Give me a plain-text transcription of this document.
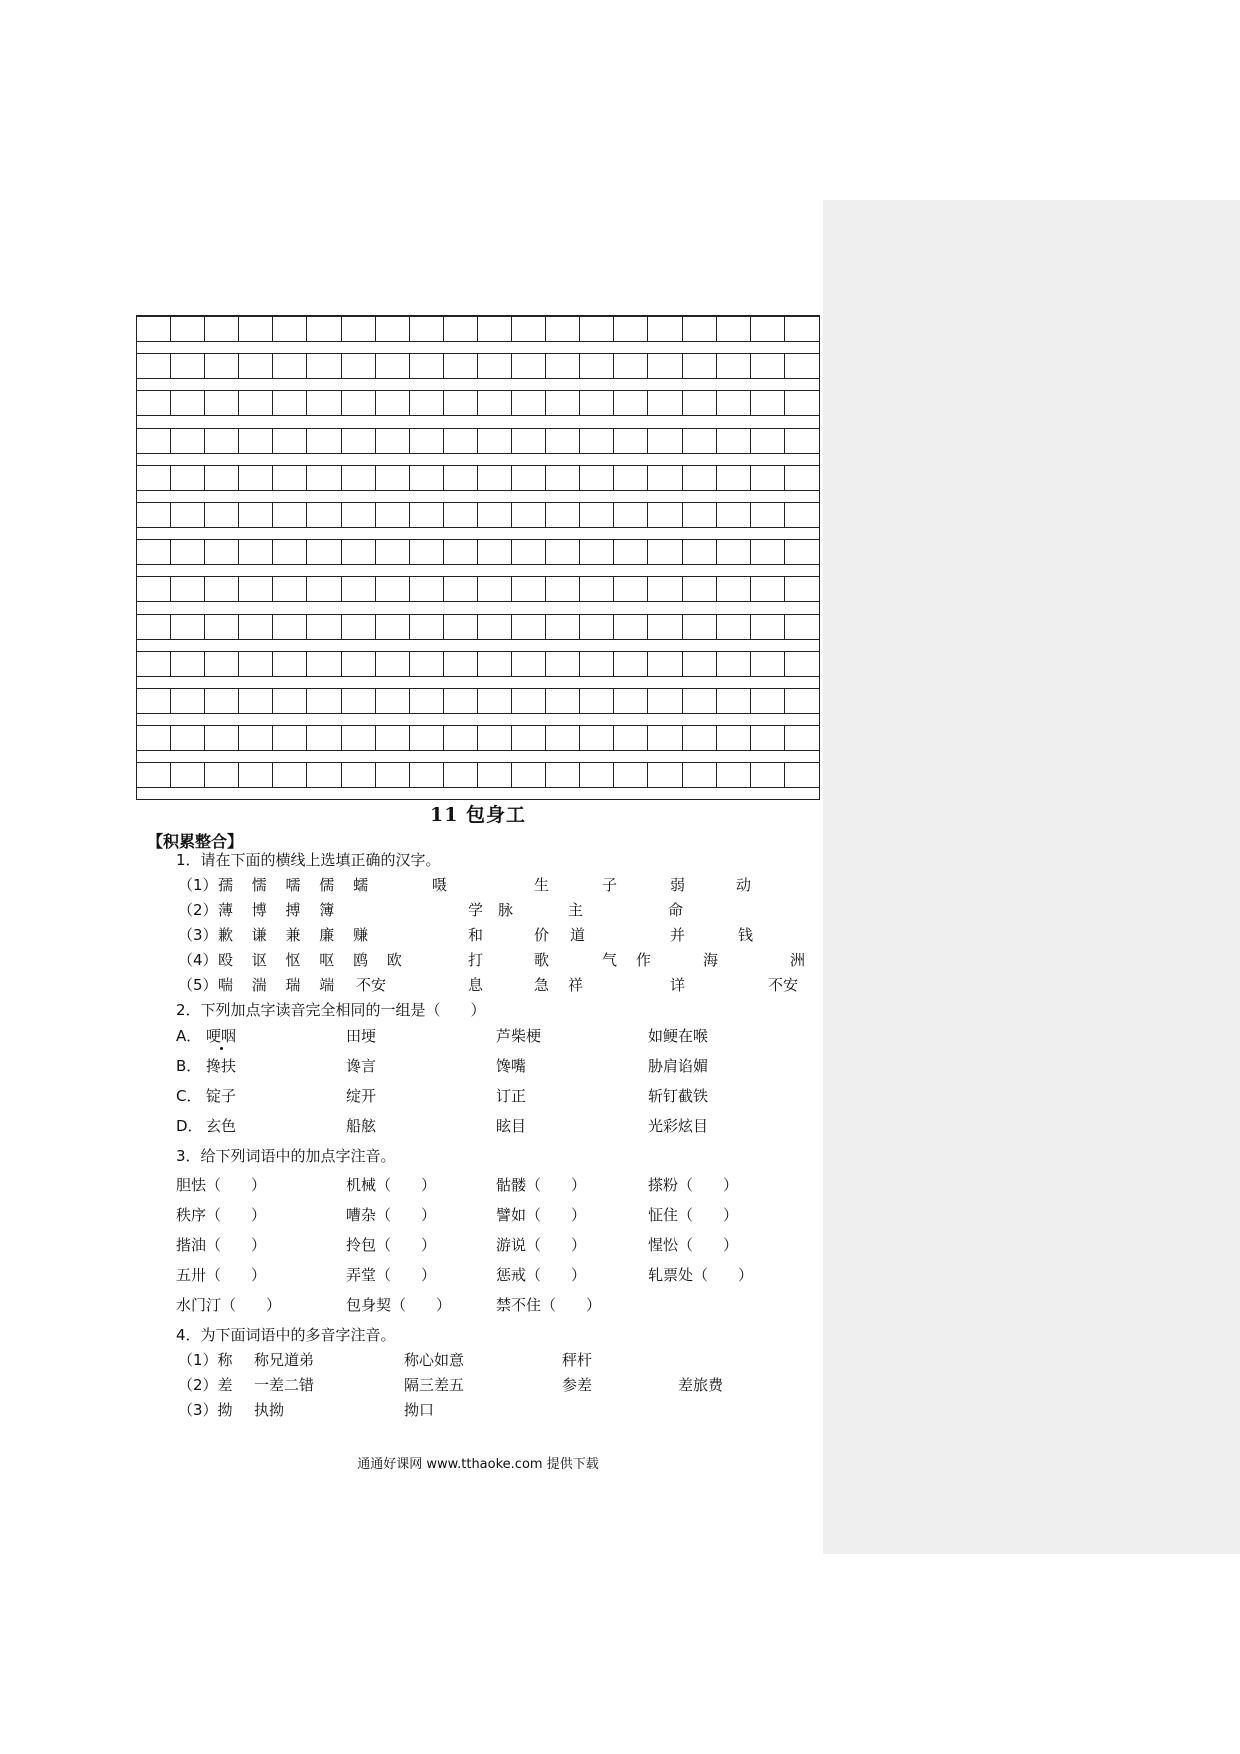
11 包身工
【积累整合】
1．请在下面的横线上选填正确的汉字。
（1） 孺 懦 嚅 儒 蠕	嗫	生	子	弱	动
（2） 薄 博 搏 簿	学 脉	主	命
（3） 歉 谦 兼 廉 赚	和	价 道	并	钱
（4） 殴 讴 怄 呕 鸥 欧	打	歌	气 作	海	洲
（5） 喘 湍 瑞 端 不安	息	急 祥	详	不安
2．下列加点字读音完全相同的一组是（　　）
A． 哽咽	田埂	芦柴梗	如鲠在喉
B． 搀扶	谗言	馋嘴	胁肩谄媚
C． 锭子	绽开	订正	斩钉截铁
D． 玄色	船舷	眩目	光彩炫目
3．给下列词语中的加点字注音。
胆怯（　　）	机械（　　）	骷髅（　　）	搽粉（　　）
秩序（　　）	嘈杂（　　）	譬如（　　）	怔住（　　）
揩油（　　）	拎包（　　）	游说（　　）	惺忪（　　）
五卅（　　）	弄堂（　　）	惩戒（　　）	轧票处（　　）
水门汀（　　）	包身契（　　）	禁不住（　　）
4．为下面词语中的多音字注音。
（1）称 称兄道弟	称心如意	秤杆
（2）差 一差二错	隔三差五	参差	差旅费
（3）拗 执拗	拗口
通通好课网 www.tthaoke.com 提供下载
